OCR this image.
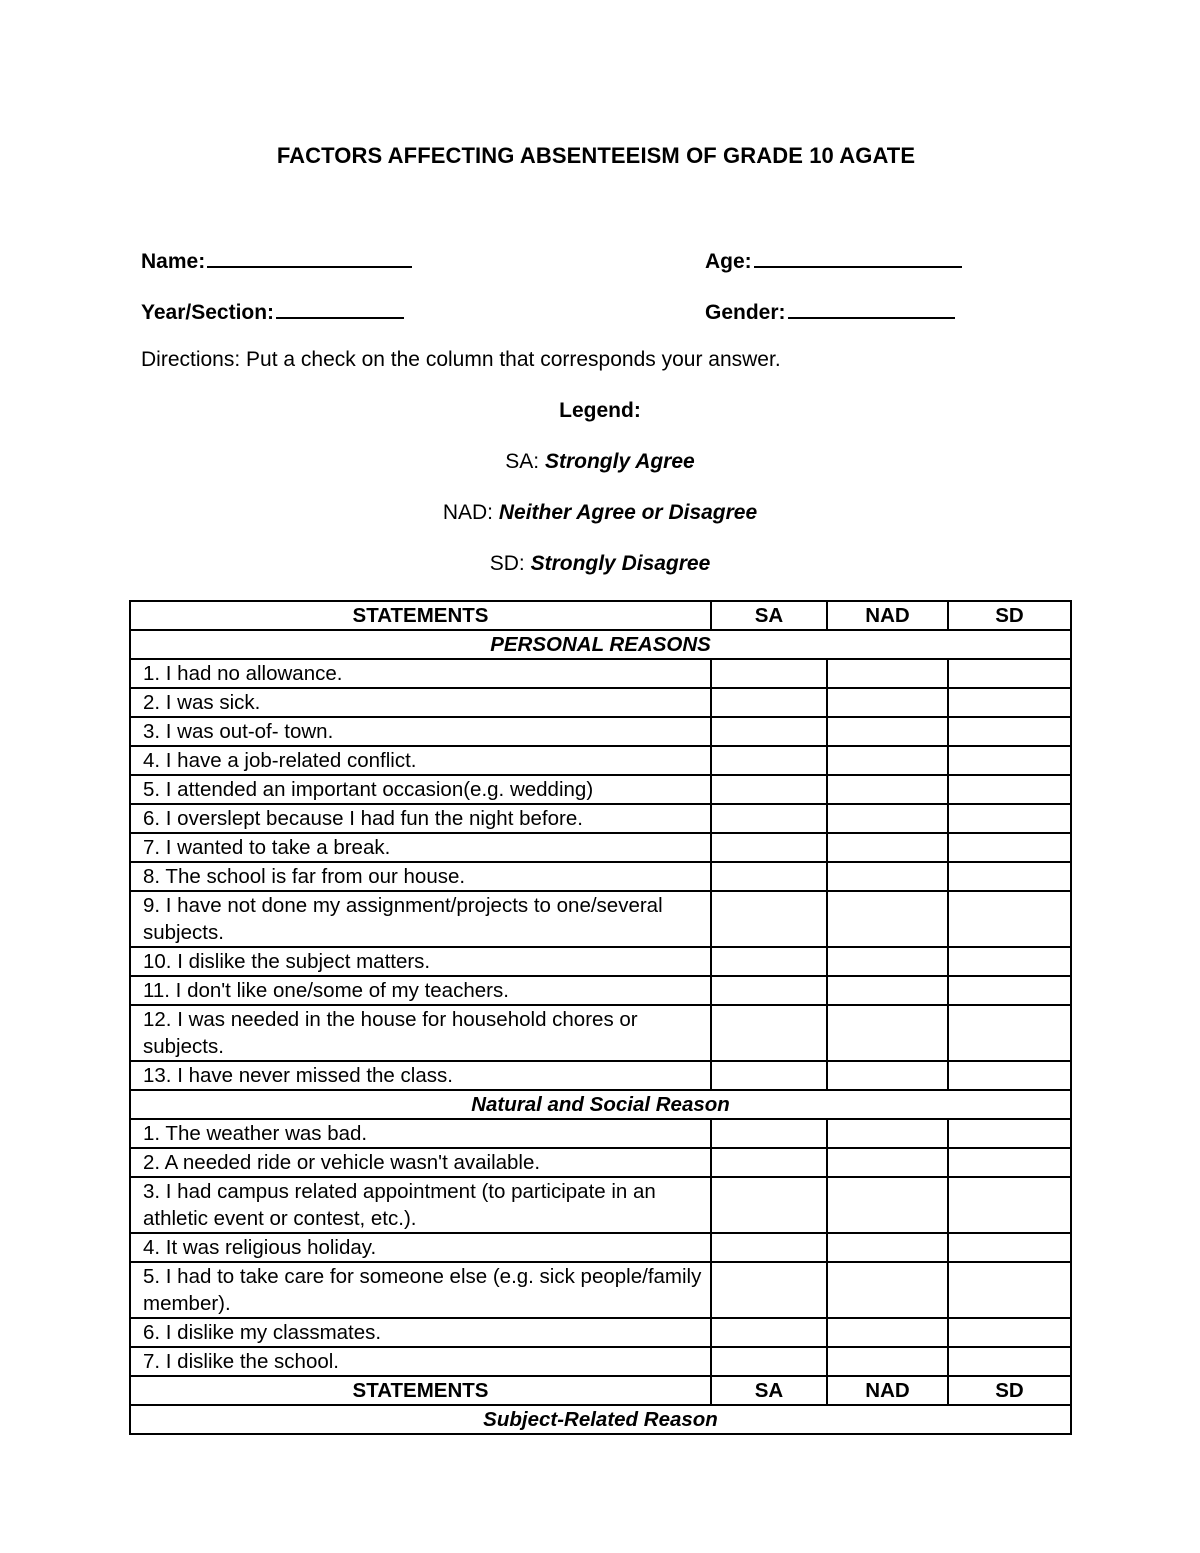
FACTORS AFFECTING ABSENTEEISM OF GRADE 10 AGATE
Name:	Age:
Year/Section:	Gender:
Directions: Put a check on the column that corresponds your answer.
Legend:
SA: Strongly Agree
NAD: Neither Agree or Disagree
SD: Strongly Disagree
STATEMENTS	SA	NAD	SD
PERSONAL REASONS			
1. I had no allowance.			
2. I was sick.			
3. I was out-of- town.			
4. I have a job-related conflict.			
5. I attended an important occasion(e.g. wedding)			
6. I overslept because I had fun the night before.			
7. I wanted to take a break.			
8. The school is far from our house.			
9. I have not done my assignment/projects to one/several subjects.			
10. I dislike the subject matters.			
11. I don't like one/some of my teachers.			
12. I was needed in the house for household chores or subjects.			
13. I have never missed the class.			
Natural and Social Reason			
1. The weather was bad.			
2. A needed ride or vehicle wasn't available.			
3. I had campus related appointment (to participate in an athletic event or contest, etc.).			
4. It was religious holiday.			
5. I had to take care for someone else (e.g. sick people/family member).			
6. I dislike my classmates.			
7. I dislike the school.			
STATEMENTS	SA	NAD	SD
Subject-Related Reason			
